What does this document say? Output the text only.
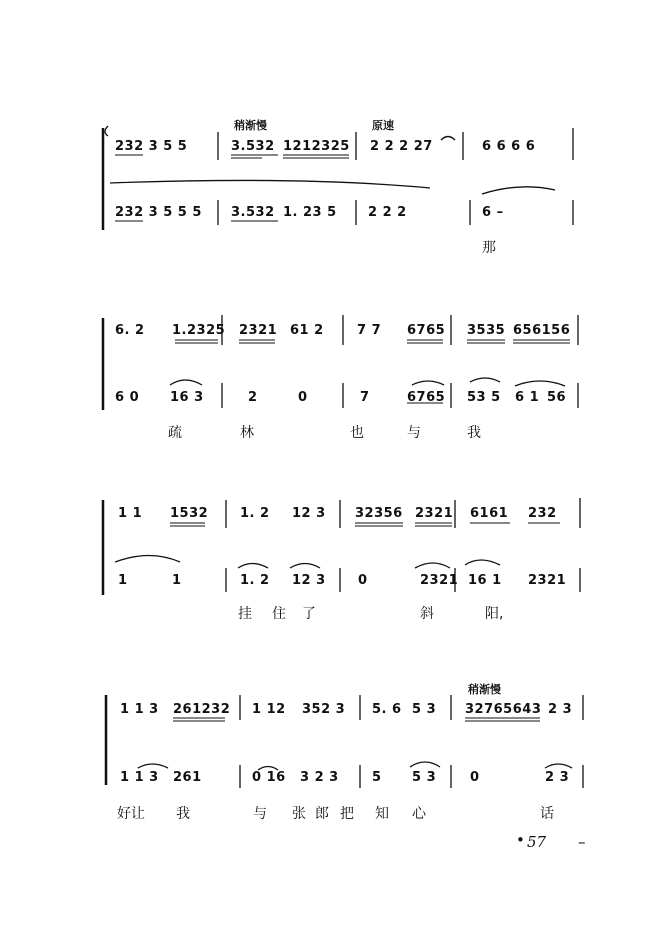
稍渐慢	原速
稍渐慢
232 3 5 5	3.532 1212325 2 2 2 27	6 6 6 6
232 3 5 5 5 3.532 1. 23 5 2 2 2	6 –
那
6. 2 1.2325 2321 61 2	7 7 6765 3535 656156
6 0 16 3	2	0	7	6765 53 5 6 1 56
疏	林	也	与	我
1 1 1532 1. 2 12 3 32356 2321 6161 232
1	1	1. 2 12 3 0	2321 16 1 2321
挂 住 了	斜	阳,
1 1 3 261232 1 12 352 3 5. 6 5 3 32765643 2 3
1 1 3 261	0 16 3 2 3	5 5 3	0	2 3
好让 我	与 张 郎 把 知 心	话
• 57 –
